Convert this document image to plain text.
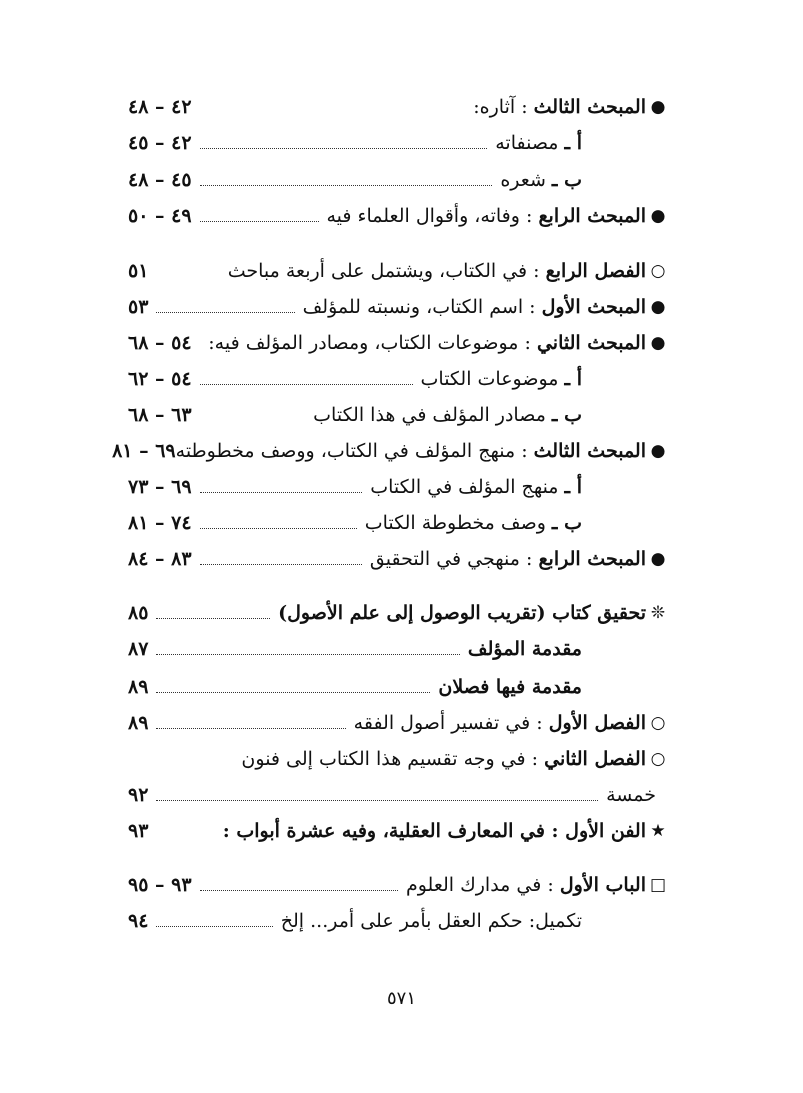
●
المبحث الثالث : آثاره:
٤٢ – ٤٨
أ ـ مصنفاته
٤٢ – ٤٥
ب ـ شعره
٤٥ – ٤٨
●
المبحث الرابع : وفاته، وأقوال العلماء فيه
٤٩ – ٥٠
○
الفصل الرابع : في الكتاب، ويشتمل على أربعة مباحث
٥١
●
المبحث الأول : اسم الكتاب، ونسبته للمؤلف
٥٣
●
المبحث الثاني : موضوعات الكتاب، ومصادر المؤلف فيه:
٥٤ – ٦٨
أ ـ موضوعات الكتاب
٥٤ – ٦٢
ب ـ مصادر المؤلف في هذا الكتاب
٦٣ – ٦٨
●
المبحث الثالث : منهج المؤلف في الكتاب، ووصف مخطوطته
٦٩ – ٨١
أ ـ منهج المؤلف في الكتاب
٦٩ – ٧٣
ب ـ وصف مخطوطة الكتاب
٧٤ – ٨١
●
المبحث الرابع : منهجي في التحقيق
٨٣ – ٨٤
❊
تحقيق كتاب (تقريب الوصول إلى علم الأصول)
٨٥
مقدمة المؤلف
٨٧
مقدمة فيها فصلان
٨٩
○
الفصل الأول : في تفسير أصول الفقه
٨٩
○
الفصل الثاني : في وجه تقسيم هذا الكتاب إلى فنون
خمسة
٩٢
★
الفن الأول : في المعارف العقلية، وفيه عشرة أبواب :
٩٣
□
الباب الأول : في مدارك العلوم
٩٣ – ٩٥
تكميل: حكم العقل بأمر على أمر... إلخ
٩٤
٥٧١
